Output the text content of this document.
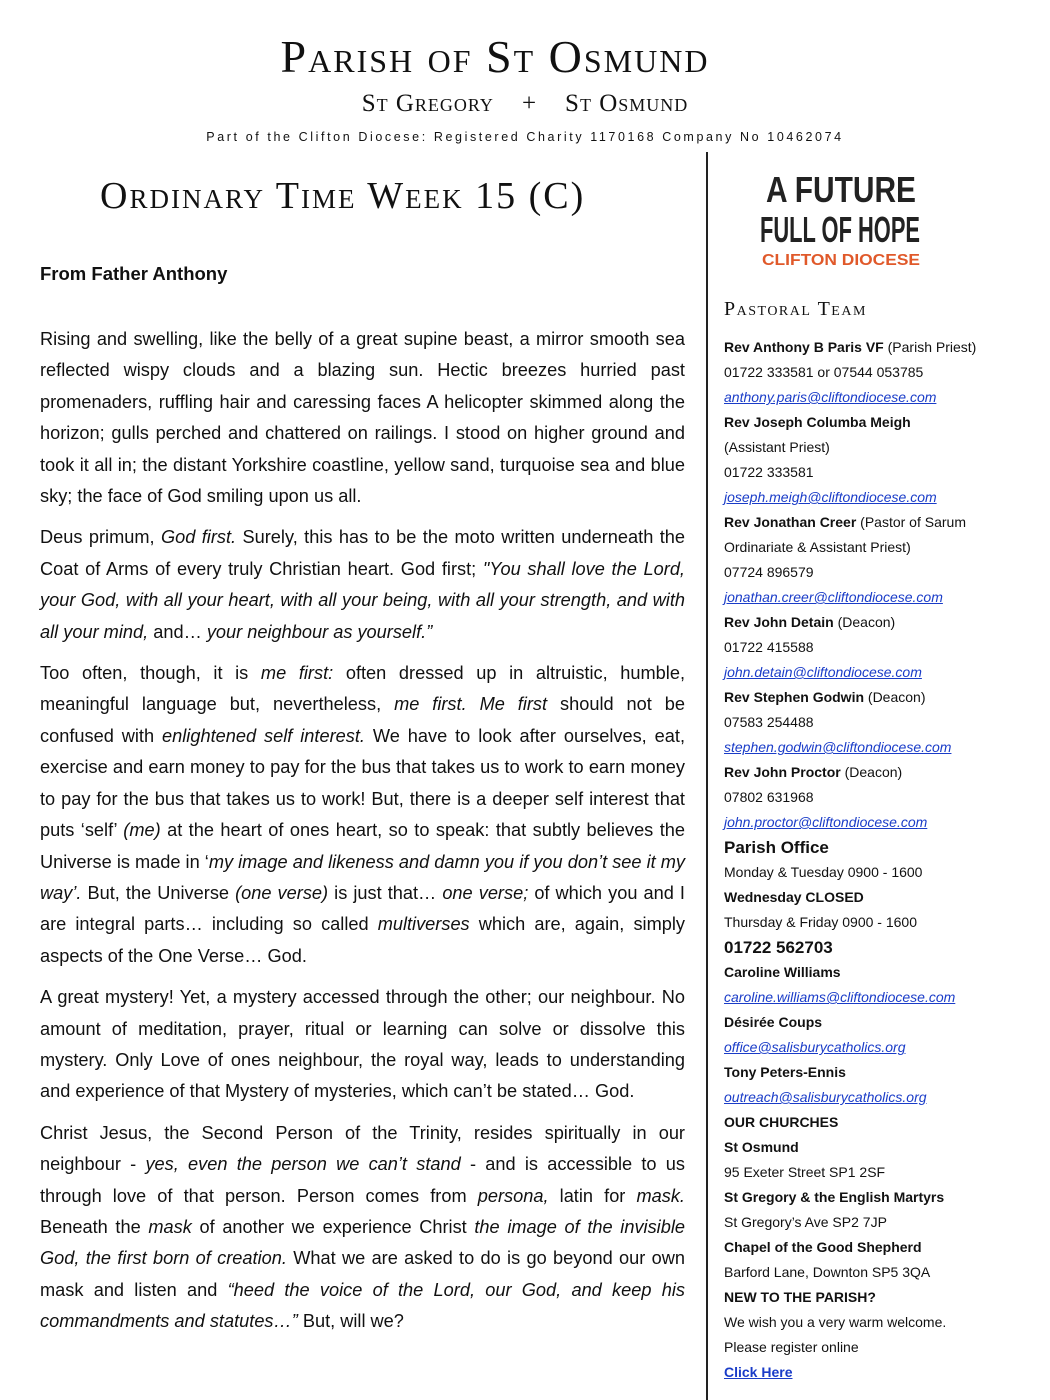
Parish of St Osmund
St Gregory + St Osmund
Part of the Clifton Diocese: Registered Charity 1170168 Company No 10462074
Ordinary Time Week 15 (C)
From Father Anthony

Rising and swelling, like the belly of a great supine beast, a mirror smooth sea reflected wispy clouds and a blazing sun. Hectic breezes hurried past promenaders, ruffling hair and caressing faces A helicopter skimmed along the horizon; gulls perched and chattered on railings. I stood on higher ground and took it all in; the distant Yorkshire coastline, yellow sand, turquoise sea and blue sky; the face of God smiling upon us all.

Deus primum, God first. Surely, this has to be the moto written underneath the Coat of Arms of every truly Christian heart. God first; "You shall love the Lord, your God, with all your heart, with all your being, with all your strength, and with all your mind, and… your neighbour as yourself.”

Too often, though, it is me first: often dressed up in altruistic, humble, meaningful language but, nevertheless, me first. Me first should not be confused with enlightened self interest. We have to look after ourselves, eat, exercise and earn money to pay for the bus that takes us to work to earn money to pay for the bus that takes us to work! But, there is a deeper self interest that puts ‘self’ (me) at the heart of ones heart, so to speak: that subtly believes the Universe is made in ‘my image and likeness and damn you if you don’t see it my way’. But, the Universe (one verse) is just that… one verse; of which you and I are integral parts… including so called multiverses which are, again, simply aspects of the One Verse… God.

A great mystery! Yet, a mystery accessed through the other; our neighbour. No amount of meditation, prayer, ritual or learning can solve or dissolve this mystery. Only Love of ones neighbour, the royal way, leads to understanding and experience of that Mystery of mysteries, which can’t be stated… God.

Christ Jesus, the Second Person of the Trinity, resides spiritually in our neighbour - yes, even the person we can’t stand - and is accessible to us through love of that person. Person comes from persona, latin for mask. Beneath the mask of another we experience Christ the image of the invisible God, the first born of creation. What we are asked to do is go beyond our own mask and listen and “heed the voice of the Lord, our God, and keep his commandments and statutes…” But, will we?

A FUTURE
FULL OF HOPE
CLIFTON DIOCESE
Pastoral Team
Rev Anthony B Paris VF (Parish Priest)
01722 333581 or 07544 053785
anthony.paris@cliftondiocese.com
Rev Joseph Columba Meigh
(Assistant Priest)
01722 333581
joseph.meigh@cliftondiocese.com
Rev Jonathan Creer (Pastor of Sarum
Ordinariate & Assistant Priest)
07724 896579
jonathan.creer@cliftondiocese.com
Rev John Detain (Deacon)
01722 415588
john.detain@cliftondiocese.com
Rev Stephen Godwin (Deacon)
07583 254488
stephen.godwin@cliftondiocese.com
Rev John Proctor (Deacon)
07802 631968
john.proctor@cliftondiocese.com
Parish Office
Monday & Tuesday 0900 - 1600
Wednesday CLOSED
Thursday & Friday 0900 - 1600
01722 562703
Caroline Williams
caroline.williams@cliftondiocese.com
Désirée Coups
office@salisburycatholics.org
Tony Peters-Ennis
outreach@salisburycatholics.org
OUR CHURCHES
St Osmund
95 Exeter Street SP1 2SF
St Gregory & the English Martyrs
St Gregory’s Ave SP2 7JP
Chapel of the Good Shepherd
Barford Lane, Downton SP5 3QA
NEW TO THE PARISH?
We wish you a very warm welcome.
Please register online
Click Here
